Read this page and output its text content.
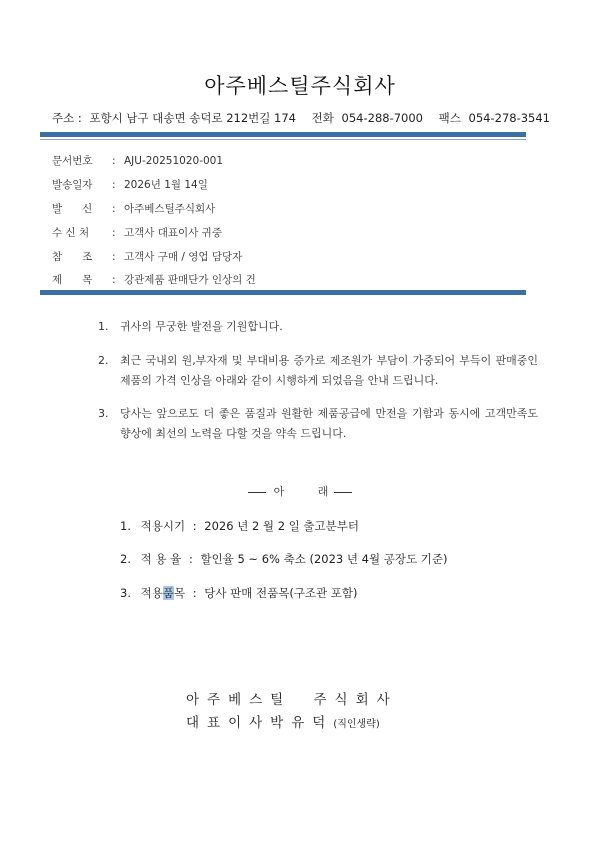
아주베스틸주식회사
주소 : 포항시 남구 대송면 송덕로 212번길 174 전화 054-288-7000 팩스 054-278-3541
문서번호 : AJU-20251020-001
발송일자 : 2026년 1월 14일
발      신 : 아주베스틸주식회사
수 신 처 : 고객사 대표이사 귀중
참      조 : 고객사 구매 / 영업 담당자
제      목 : 강관제품 판매단가 인상의 건
1. 귀사의 무궁한 발전을 기원합니다.
2. 최근 국내외 원,부자재 및 부대비용 증가로 제조원가 부담이 가중되어 부득이 판매중인 제품의 가격 인상을 아래와 같이 시행하게 되었음을 안내 드립니다.
3. 당사는 앞으로도 더 좋은 품질과 원활한 제품공급에 만전을 기함과 동시에 고객만족도 향상에 최선의 노력을 다할 것을 약속 드립니다.
아	래
1. 적용시기 : 2026 년 2 월 2 일 출고분부터
2. 적 용 율 : 할인율 5 ~ 6% 축소 (2023 년 4월 공장도 기준)
3. 적용품목 : 당사 판매 전품목(구조관 포함)
아주베스틸 주식회사
대표이사박유덕(직인생략)
